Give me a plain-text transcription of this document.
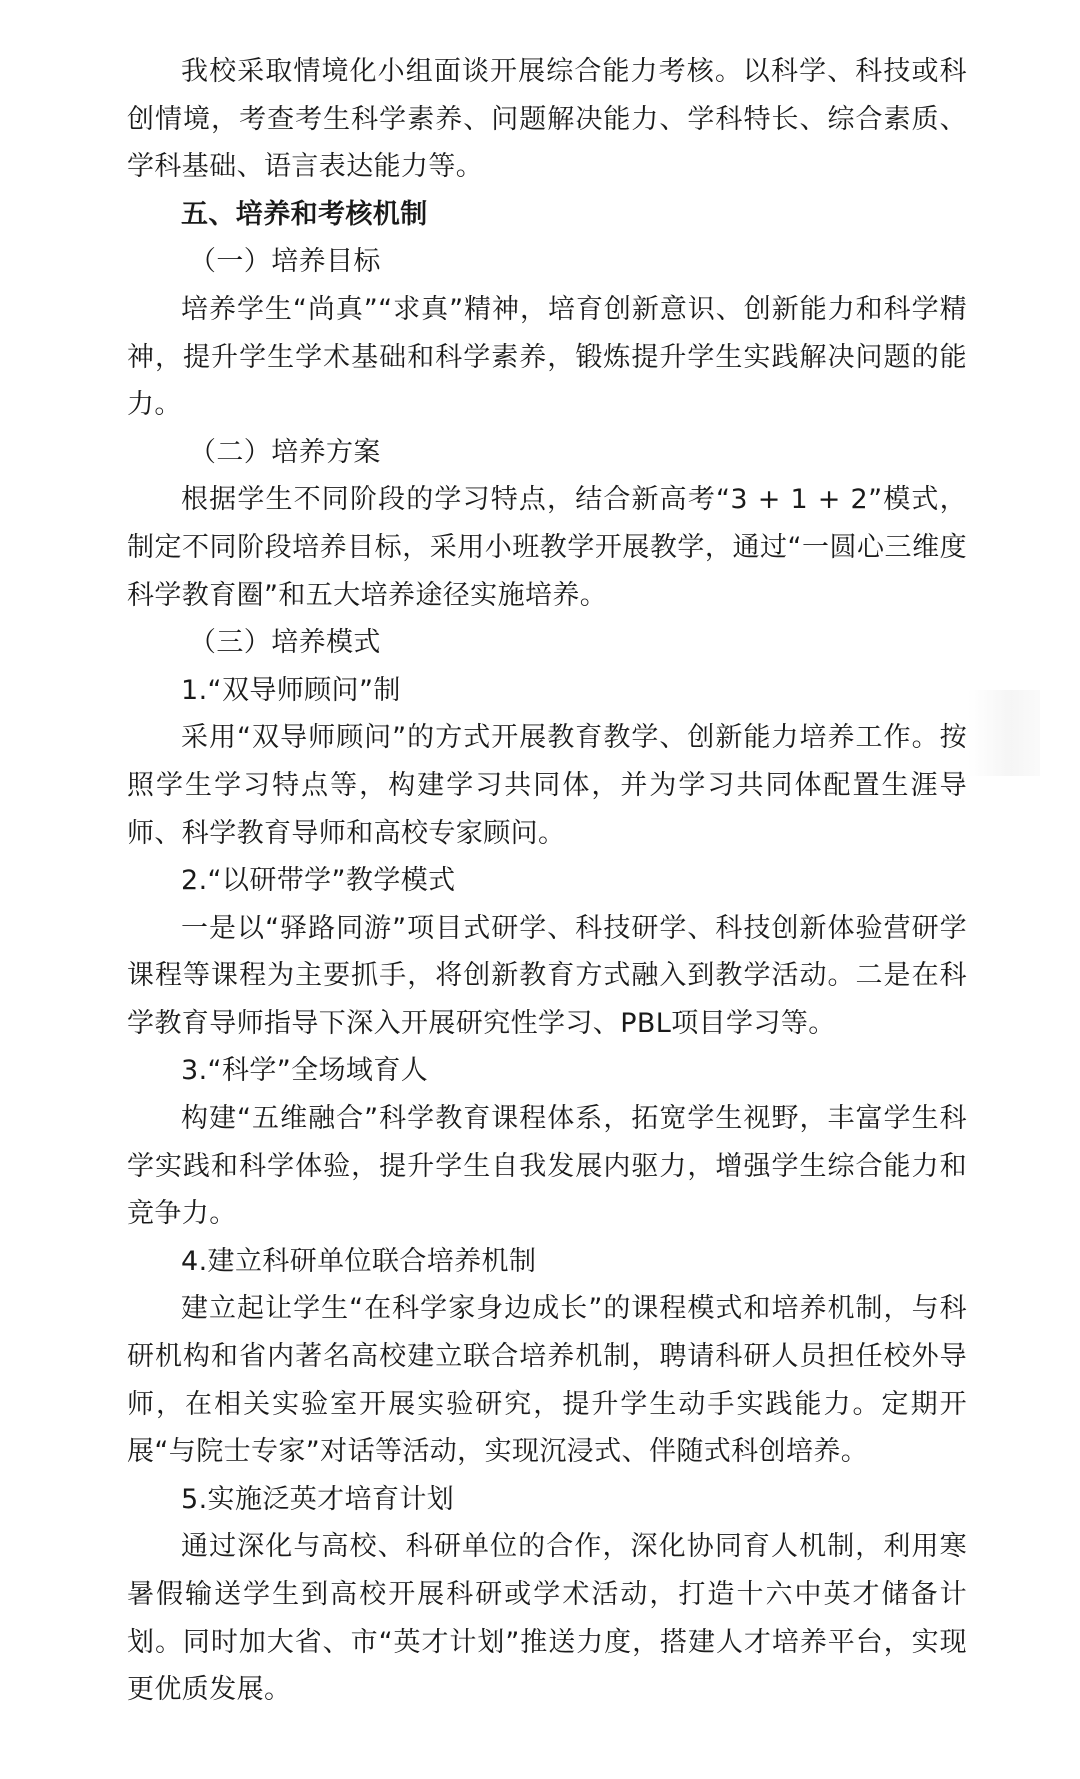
我校采取情境化小组面谈开展综合能力考核。以科学、科技或科创情境，考查考生科学素养、问题解决能力、学科特长、综合素质、学科基础、语言表达能力等。

五、培养和考核机制
（一）培养目标

培养学生“尚真”“求真”精神，培育创新意识、创新能力和科学精神，提升学生学术基础和科学素养，锻炼提升学生实践解决问题的能力。

（二）培养方案

根据学生不同阶段的学习特点，结合新高考“3 + 1 + 2”模式，制定不同阶段培养目标，采用小班教学开展教学，通过“一圆心三维度科学教育圈”和五大培养途径实施培养。

（三）培养模式
1.“双导师顾问”制

采用“双导师顾问”的方式开展教育教学、创新能力培养工作。按照学生学习特点等，构建学习共同体，并为学习共同体配置生涯导师、科学教育导师和高校专家顾问。

2.“以研带学”教学模式

一是以“驿路同游”项目式研学、科技研学、科技创新体验营研学课程等课程为主要抓手，将创新教育方式融入到教学活动。二是在科学教育导师指导下深入开展研究性学习、PBL项目学习等。

3.“科学”全场域育人

构建“五维融合”科学教育课程体系，拓宽学生视野，丰富学生科学实践和科学体验，提升学生自我发展内驱力，增强学生综合能力和竞争力。

4.建立科研单位联合培养机制

建立起让学生“在科学家身边成长”的课程模式和培养机制，与科研机构和省内著名高校建立联合培养机制，聘请科研人员担任校外导师，在相关实验室开展实验研究，提升学生动手实践能力。定期开展“与院士专家”对话等活动，实现沉浸式、伴随式科创培养。

5.实施泛英才培育计划

通过深化与高校、科研单位的合作，深化协同育人机制，利用寒暑假输送学生到高校开展科研或学术活动，打造十六中英才储备计划。同时加大省、市“英才计划”推送力度，搭建人才培养平台，实现更优质发展。
